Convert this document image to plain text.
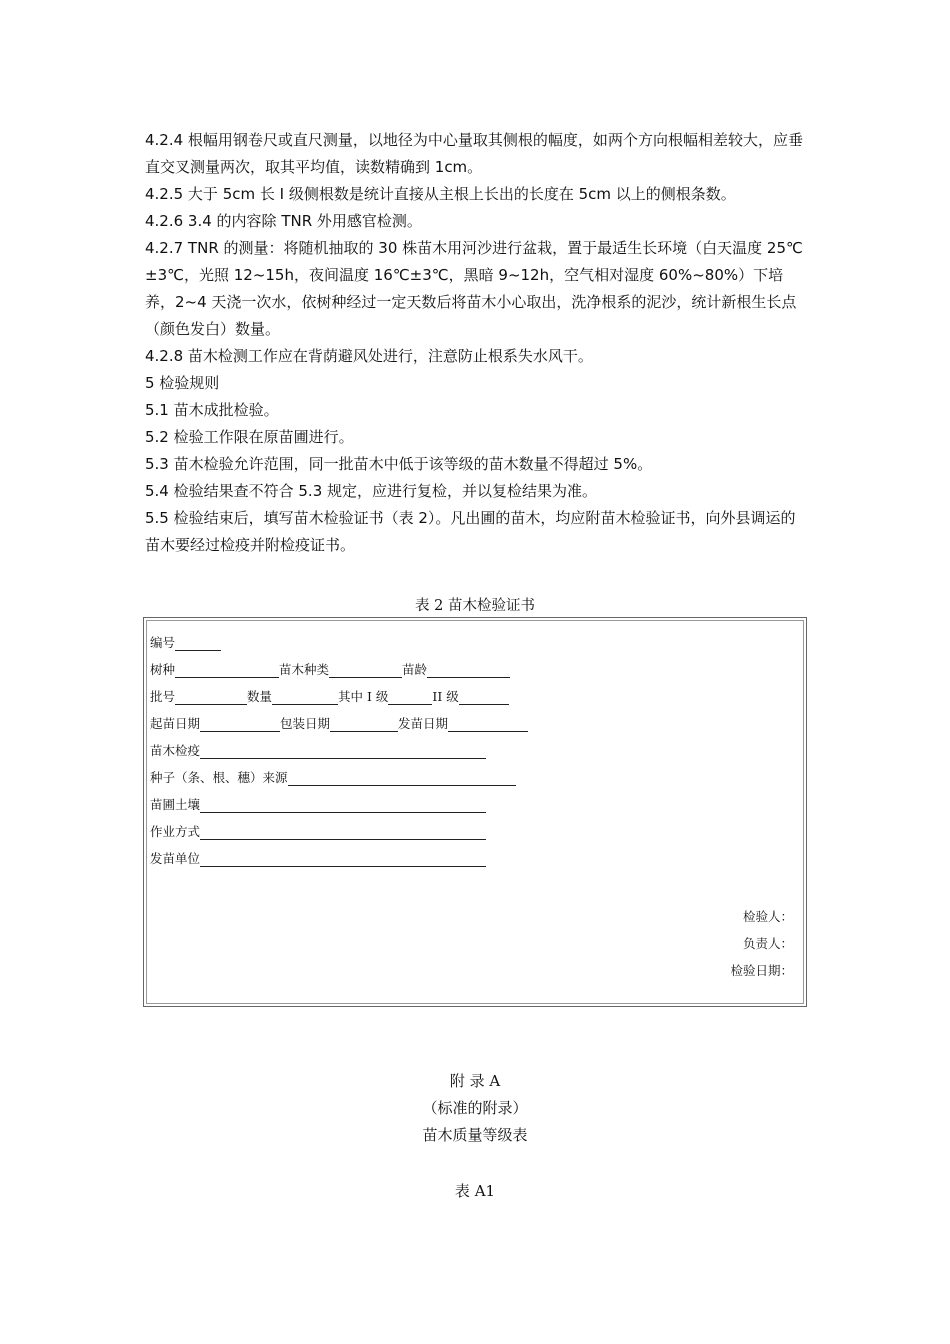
4.2.4 根幅用钢卷尺或直尺测量，以地径为中心量取其侧根的幅度，如两个方向根幅相差较大，应垂直交叉测量两次，取其平均值，读数精确到 1cm。

4.2.5 大于 5cm 长 I 级侧根数是统计直接从主根上长出的长度在 5cm 以上的侧根条数。

4.2.6 3.4 的内容除 TNR 外用感官检测。

4.2.7 TNR 的测量：将随机抽取的 30 株苗木用河沙进行盆栽，置于最适生长环境（白天温度 25℃±3℃，光照 12~15h，夜间温度 16℃±3℃，黑暗 9~12h，空气相对湿度 60%~80%）下培养，2~4 天浇一次水，依树种经过一定天数后将苗木小心取出，洗净根系的泥沙，统计新根生长点（颜色发白）数量。

4.2.8 苗木检测工作应在背荫避风处进行，注意防止根系失水风干。

5 检验规则

5.1 苗木成批检验。

5.2 检验工作限在原苗圃进行。

5.3 苗木检验允许范围，同一批苗木中低于该等级的苗木数量不得超过 5%。

5.4 检验结果查不符合 5.3 规定，应进行复检，并以复检结果为准。

5.5 检验结束后，填写苗木检验证书（表 2）。凡出圃的苗木，均应附苗木检验证书，向外县调运的苗木要经过检疫并附检疫证书。

表 2 苗木检验证书
编号
树种	苗木种类	苗龄
批号	数量	其中 I 级	II 级
起苗日期	包装日期	发苗日期
苗木检疫
种子（条、根、穗）来源
苗圃土壤
作业方式
发苗单位
检验人：
负责人：
检验日期：
附 录 A
（标准的附录）
苗木质量等级表
表 A1
